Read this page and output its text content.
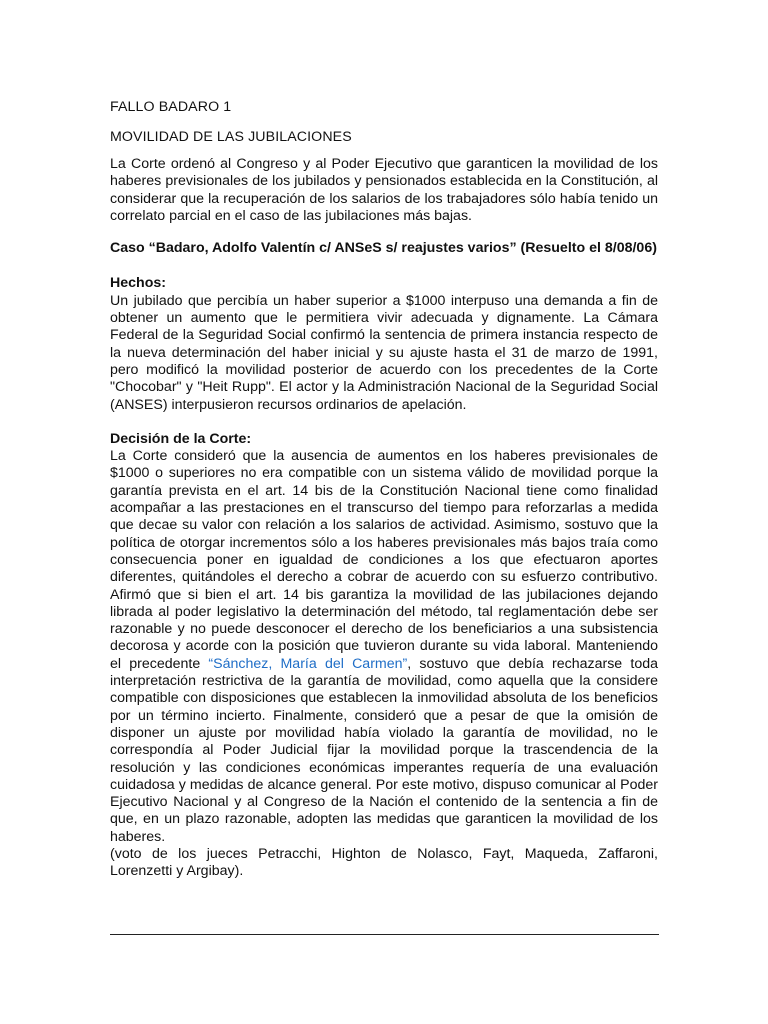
FALLO BADARO 1

MOVILIDAD DE LAS JUBILACIONES

La Corte ordenó al Congreso y al Poder Ejecutivo que garanticen la movilidad de los haberes previsionales de los jubilados y pensionados establecida en la Constitución, al considerar que la recuperación de los salarios de los trabajadores sólo había tenido un correlato parcial en el caso de las jubilaciones más bajas.

Caso “Badaro, Adolfo Valentín c/ ANSeS s/ reajustes varios” (Resuelto el 8/08/06)

Hechos:

Un jubilado que percibía un haber superior a $1000 interpuso una demanda a fin de obtener un aumento que le permitiera vivir adecuada y dignamente. La Cámara Federal de la Seguridad Social confirmó la sentencia de primera instancia respecto de la nueva determinación del haber inicial y su ajuste hasta el 31 de marzo de 1991, pero modificó la movilidad posterior de acuerdo con los precedentes de la Corte "Chocobar" y "Heit Rupp". El actor y la Administración Nacional de la Seguridad Social (ANSES) interpusieron recursos ordinarios de apelación.

Decisión de la Corte:

La Corte consideró que la ausencia de aumentos en los haberes previsionales de $1000 o superiores no era compatible con un sistema válido de movilidad porque la garantía prevista en el art. 14 bis de la Constitución Nacional tiene como finalidad acompañar a las prestaciones en el transcurso del tiempo para reforzarlas a medida que decae su valor con relación a los salarios de actividad. Asimismo, sostuvo que la política de otorgar incrementos sólo a los haberes previsionales más bajos traía como consecuencia poner en igualdad de condiciones a los que efectuaron aportes diferentes, quitándoles el derecho a cobrar de acuerdo con su esfuerzo contributivo. Afirmó que si bien el art. 14 bis garantiza la movilidad de las jubilaciones dejando librada al poder legislativo la determinación del método, tal reglamentación debe ser razonable y no puede desconocer el derecho de los beneficiarios a una subsistencia decorosa y acorde con la posición que tuvieron durante su vida laboral. Manteniendo el precedente “Sánchez, María del Carmen”, sostuvo que debía rechazarse toda interpretación restrictiva de la garantía de movilidad, como aquella que la considere compatible con disposiciones que establecen la inmovilidad absoluta de los beneficios por un término incierto. Finalmente, consideró que a pesar de que la omisión de disponer un ajuste por movilidad había violado la garantía de movilidad, no le correspondía al Poder Judicial fijar la movilidad porque la trascendencia de la resolución y las condiciones económicas imperantes requería de una evaluación cuidadosa y medidas de alcance general. Por este motivo, dispuso comunicar al Poder Ejecutivo Nacional y al Congreso de la Nación el contenido de la sentencia a fin de que, en un plazo razonable, adopten las medidas que garanticen la movilidad de los haberes.

(voto de los jueces Petracchi, Highton de Nolasco, Fayt, Maqueda, Zaffaroni, Lorenzetti y Argibay).
